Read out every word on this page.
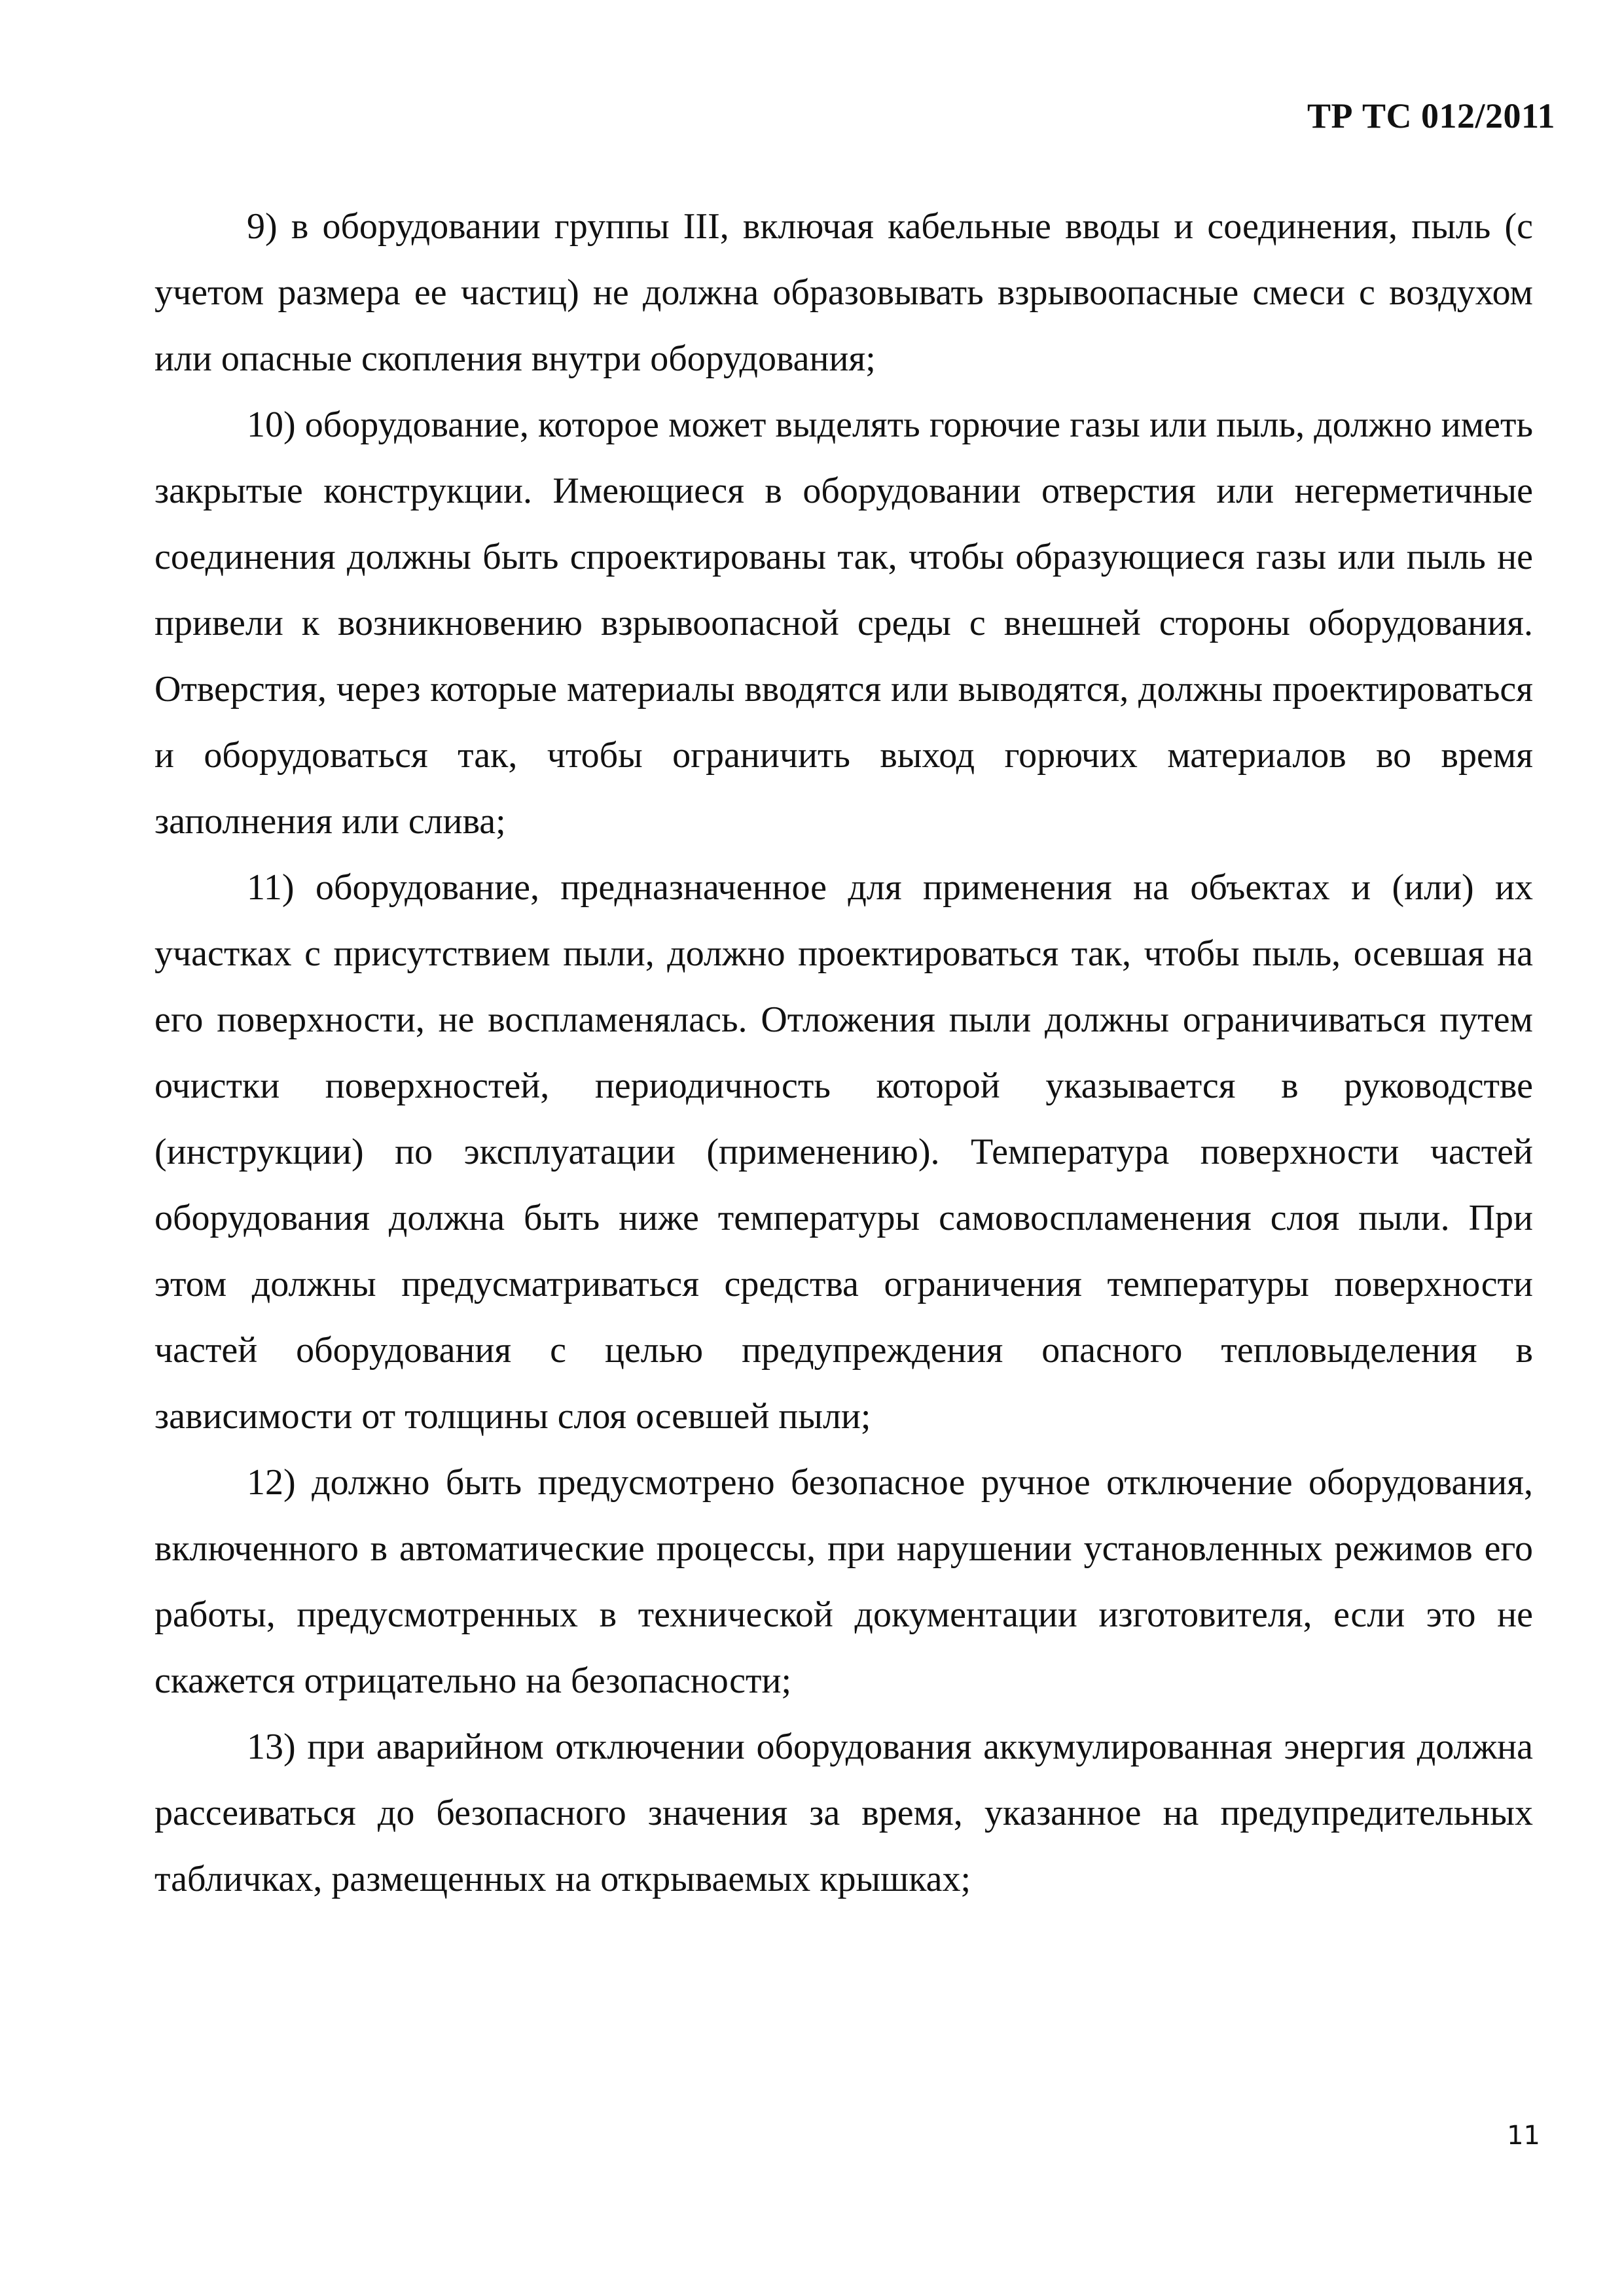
ТР ТС 012/2011

9) в оборудовании группы III, включая кабельные вводы и соединения, пыль (с учетом размера ее частиц) не должна образовывать взрывоопасные смеси с воздухом или опасные скопления внутри оборудования;

10) оборудование, которое может выделять горючие газы или пыль, должно иметь закрытые конструкции. Имеющиеся в оборудовании отверстия или негерметичные соединения должны быть спроектированы так, чтобы образующиеся газы или пыль не привели к возникновению взрывоопасной среды с внешней стороны оборудования. Отверстия, через которые материалы вводятся или выводятся, должны проектироваться и оборудоваться так, чтобы ограничить выход горючих материалов во время заполнения или слива;

11) оборудование, предназначенное для применения на объектах и (или) их участках с присутствием пыли, должно проектироваться так, чтобы пыль, осевшая на его поверхности, не воспламенялась. Отложения пыли должны ограничиваться путем очистки поверхностей, периодичность которой указывается в руководстве (инструкции) по эксплуатации (применению). Температура поверхности частей оборудования должна быть ниже температуры самовоспламенения слоя пыли. При этом должны предусматриваться средства ограничения температуры поверхности частей оборудования с целью предупреждения опасного тепловыделения в зависимости от толщины слоя осевшей пыли;

12) должно быть предусмотрено безопасное ручное отключение оборудования, включенного в автоматические процессы, при нарушении установленных режимов его работы, предусмотренных в технической документации изготовителя, если это не скажется отрицательно на безопасности;

13) при аварийном отключении оборудования аккумулированная энергия должна рассеиваться до безопасного значения за время, указанное на предупредительных табличках, размещенных на открываемых крышках;

11
